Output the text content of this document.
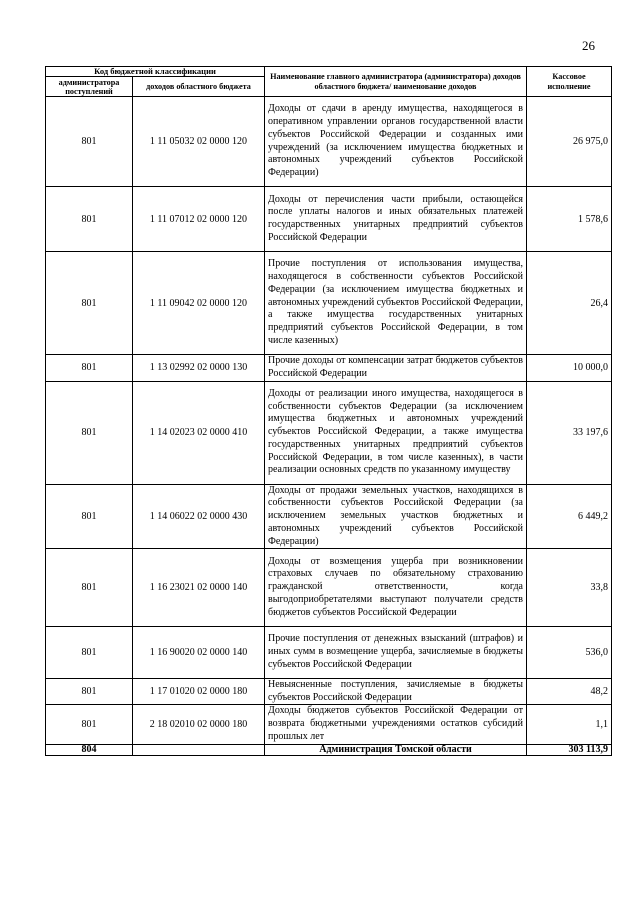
26
Код бюджетной классификации		Наименование главного администратора (администратора) доходов областного бюджета/ наименование доходов	Кассовое исполнение
администратора поступлений	доходов областного бюджета		
801	1 11 05032 02 0000 120	Доходы от сдачи в аренду имущества, находящегося в оперативном управлении органов государственной власти субъектов Российской Федерации и созданных ими учреждений (за исключением имущества бюджетных и автономных учреждений субъектов Российской Федерации)	26 975,0
801	1 11 07012 02 0000 120	Доходы от перечисления части прибыли, остающейся после уплаты налогов и иных обязательных платежей государственных унитарных предприятий субъектов Российской Федерации	1 578,6
801	1 11 09042 02 0000 120	Прочие поступления от использования имущества, находящегося в собственности субъектов Российской Федерации (за исключением имущества бюджетных и автономных учреждений субъектов Российской Федерации, а также имущества государственных унитарных предприятий субъектов Российской Федерации, в том числе казенных)	26,4
801	1 13 02992 02 0000 130	Прочие доходы от компенсации затрат бюджетов субъектов Российской Федерации	10 000,0
801	1 14 02023 02 0000 410	Доходы от реализации иного имущества, находящегося в собственности субъектов Федерации (за исключением имущества бюджетных и автономных учреждений субъектов Российской Федерации, а также имущества государственных унитарных предприятий субъектов Российской Федерации, в том числе казенных), в части реализации основных средств по указанному имуществу	33 197,6
801	1 14 06022 02 0000 430	Доходы от продажи земельных участков, находящихся в собственности субъектов Российской Федерации (за исключением земельных участков бюджетных и автономных учреждений субъектов Российской Федерации)	6 449,2
801	1 16 23021 02 0000 140	Доходы от возмещения ущерба при возникновении страховых случаев по обязательному страхованию гражданской ответственности, когда выгодоприобретателями выступают получатели средств бюджетов субъектов Российской Федерации	33,8
801	1 16 90020 02 0000 140	Прочие поступления от денежных взысканий (штрафов) и иных сумм в возмещение ущерба, зачисляемые в бюджеты субъектов Российской Федерации	536,0
801	1 17 01020 02 0000 180	Невыясненные поступления, зачисляемые в бюджеты субъектов Российской Федерации	48,2
801	2 18 02010 02 0000 180	Доходы бюджетов субъектов Российской Федерации от возврата бюджетными учреждениями остатков субсидий прошлых лет	1,1
804		Администрация Томской области	303 113,9
